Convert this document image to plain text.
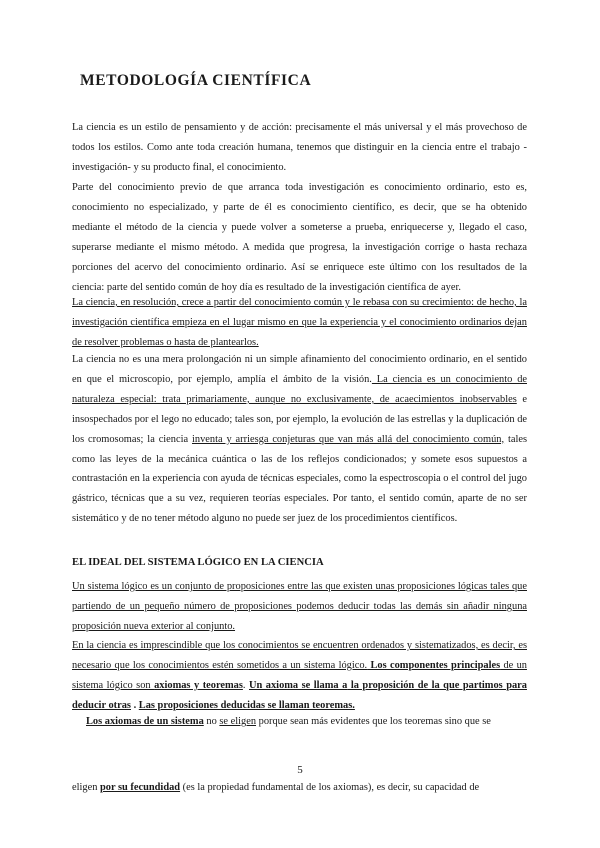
METODOLOGÍA CIENTÍFICA

La ciencia es un estilo de pensamiento y de acción: precisamente el más universal y el más provechoso de todos los estilos. Como ante toda creación humana, tenemos que distinguir en la ciencia entre el trabajo -investigación- y su producto final, el conocimiento.

Parte del conocimiento previo de que arranca toda investigación es conocimiento ordinario, esto es, conocimiento no especializado, y parte de él es conocimiento científico, es decir, que se ha obtenido mediante el método de la ciencia y puede volver a someterse a prueba, enriquecerse y, llegado el caso, superarse mediante el mismo método. A medida que progresa, la investigación corrige o hasta rechaza porciones del acervo del conocimiento ordinario. Así se enriquece este último con los resultados de la ciencia: parte del sentido común de hoy día es resultado de la investigación científica de ayer.

La ciencia, en resolución, crece a partir del conocimiento común y le rebasa con su crecimiento: de hecho, la investigación científica empieza en el lugar mismo en que la experiencia y el conocimiento ordinarios dejan de resolver problemas o hasta de plantearlos.

La ciencia no es una mera prolongación ni un simple afinamiento del conocimiento ordinario, en el sentido en que el microscopio, por ejemplo, amplía el ámbito de la visión. La ciencia es un conocimiento de naturaleza especial: trata primariamente, aunque no exclusivamente, de acaecimientos inobservables e insospechados por el lego no educado; tales son, por ejemplo, la evolución de las estrellas y la duplicación de los cromosomas; la ciencia inventa y arriesga conjeturas que van más allá del conocimiento común, tales como las leyes de la mecánica cuántica o las de los reflejos condicionados; y somete esos supuestos a contrastación en la experiencia con ayuda de técnicas especiales, como la espectroscopia o el control del jugo gástrico, técnicas que a su vez, requieren teorías especiales. Por tanto, el sentido común, aparte de no ser sistemático y de no tener método alguno no puede ser juez de los procedimientos científicos.

EL IDEAL DEL SISTEMA LÓGICO EN LA CIENCIA

Un sistema lógico es un conjunto de proposiciones entre las que existen unas proposiciones lógicas tales que partiendo de un pequeño número de proposiciones podemos deducir todas las demás sin añadir ninguna proposición nueva exterior al conjunto.

En la ciencia es imprescindible que los conocimientos se encuentren ordenados y sistematizados, es decir, es necesario que los conocimientos estén sometidos a un sistema lógico. Los componentes principales de un sistema lógico son axiomas y teoremas. Un axioma se llama a la proposición de la que partimos para deducir otras . Las proposiciones deducidas se llaman teoremas.

Los axiomas de un sistema no se eligen porque sean más evidentes que los teoremas sino que se

5

eligen por su fecundidad (es la propiedad fundamental de los axiomas), es decir, su capacidad de
